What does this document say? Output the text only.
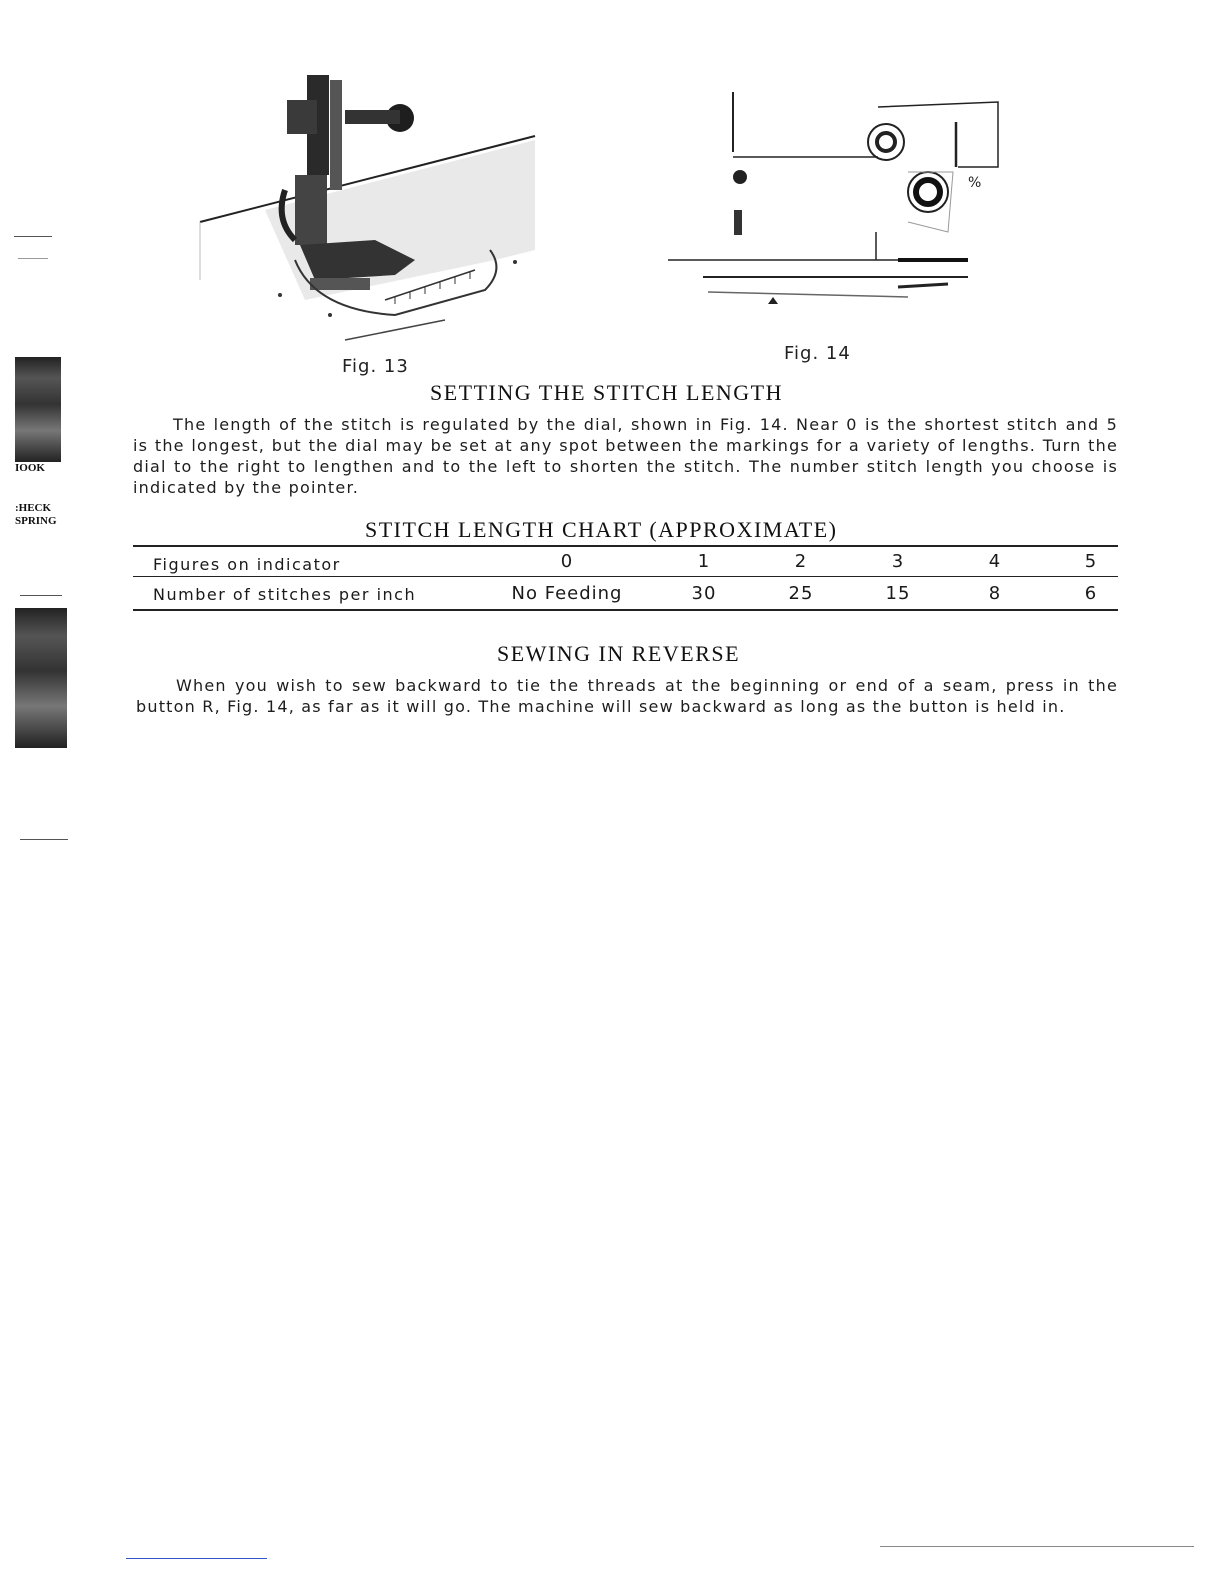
IOOK
:HECK
SPRING
Fig. 13
%
Fig. 14
SETTING THE STITCH LENGTH
The length of the stitch is regulated by the dial, shown in Fig. 14. Near 0 is the shortest stitch and 5 is the longest, but the dial may be set at any spot between the markings for a variety of lengths. Turn the dial to the right to lengthen and to the left to shorten the stitch. The number stitch length you choose is indicated by the pointer.
STITCH LENGTH CHART (APPROXIMATE)
Figures on indicator
Number of stitches per inch
0
No Feeding
1
30
2
25
3
15
4
8
5
6
SEWING IN REVERSE
When you wish to sew backward to tie the threads at the beginning or end of a seam, press in the button R, Fig. 14, as far as it will go. The machine will sew backward as long as the button is held in.
